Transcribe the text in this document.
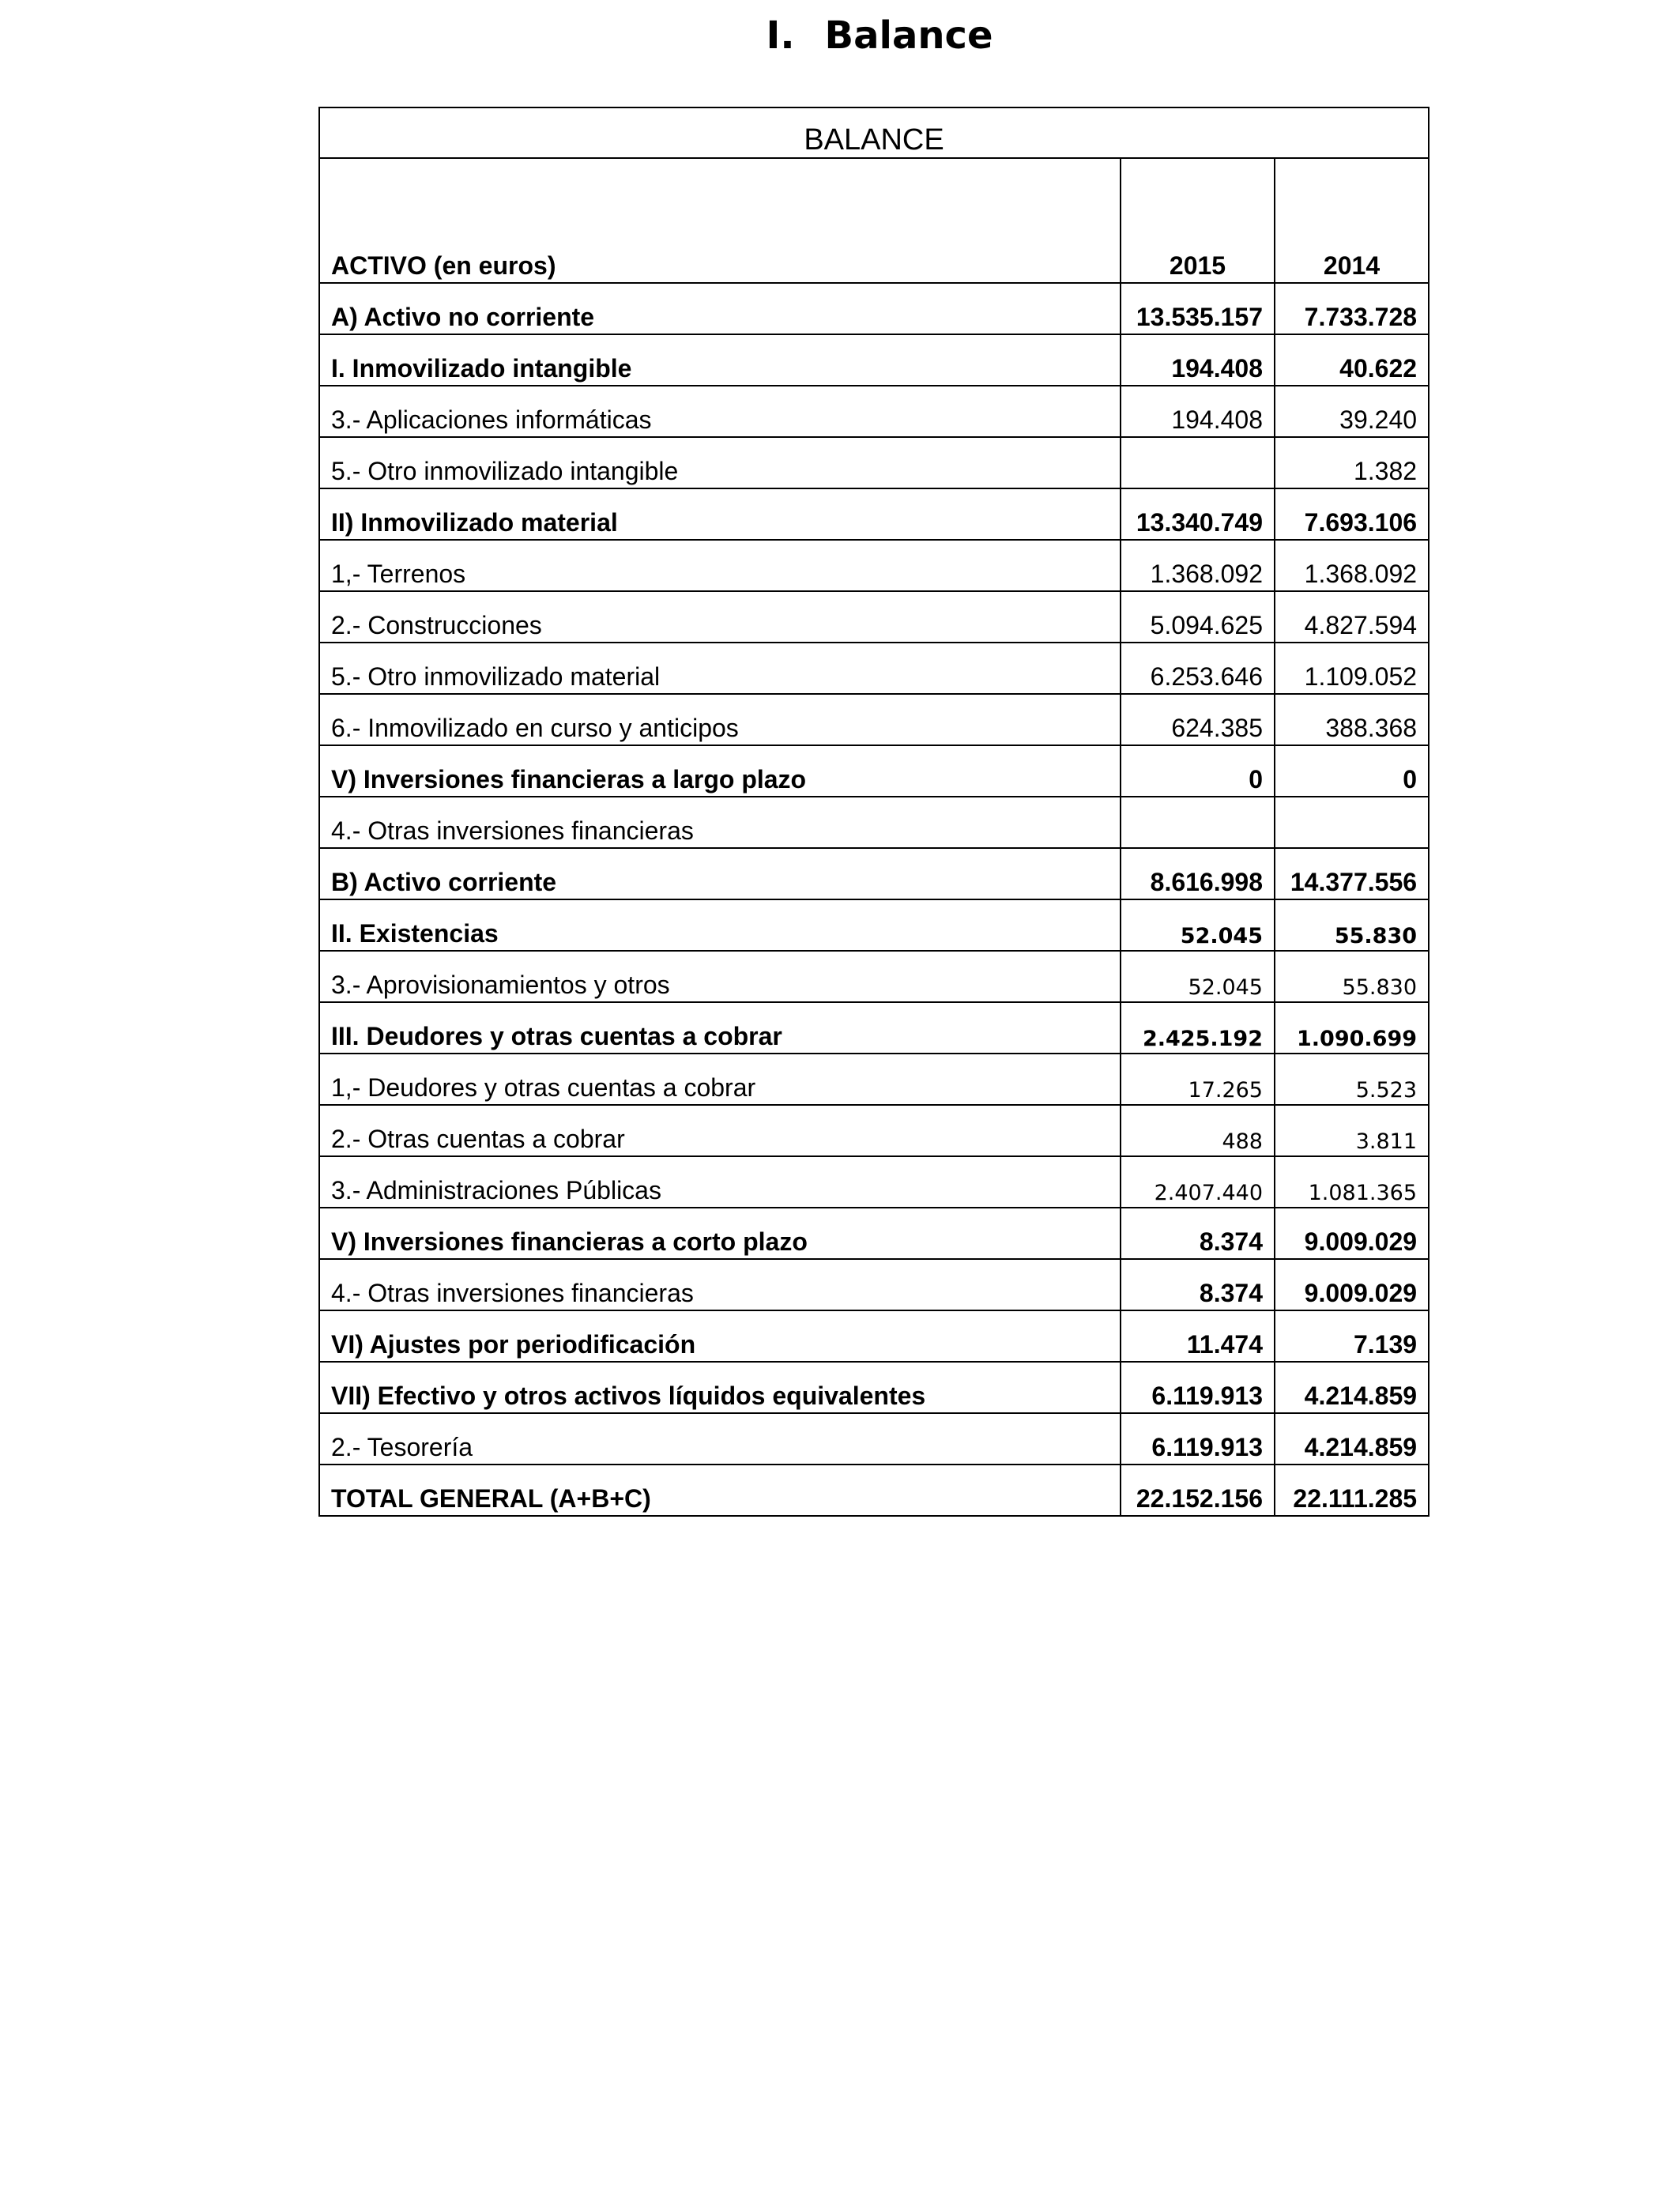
I. Balance
BALANCE		
ACTIVO (en euros)	2015	2014
A) Activo no corriente	13.535.157	7.733.728
I. Inmovilizado intangible	194.408	40.622
3.- Aplicaciones informáticas	194.408	39.240
5.- Otro inmovilizado intangible		1.382
II) Inmovilizado material	13.340.749	7.693.106
1,- Terrenos	1.368.092	1.368.092
2.- Construcciones	5.094.625	4.827.594
5.- Otro inmovilizado material	6.253.646	1.109.052
6.- Inmovilizado en curso y anticipos	624.385	388.368
V) Inversiones financieras a largo plazo	0	0
4.- Otras inversiones financieras		
B) Activo corriente	8.616.998	14.377.556
II. Existencias	52.045	55.830
3.- Aprovisionamientos y otros	52.045	55.830
III. Deudores y otras cuentas a cobrar	2.425.192	1.090.699
1,- Deudores y otras cuentas a cobrar	17.265	5.523
2.- Otras cuentas a cobrar	488	3.811
3.- Administraciones Públicas	2.407.440	1.081.365
V) Inversiones financieras a corto plazo	8.374	9.009.029
4.- Otras inversiones financieras	8.374	9.009.029
VI) Ajustes por periodificación	11.474	7.139
VII) Efectivo y otros activos líquidos equivalentes	6.119.913	4.214.859
2.- Tesorería	6.119.913	4.214.859
TOTAL GENERAL (A+B+C)	22.152.156	22.111.285
